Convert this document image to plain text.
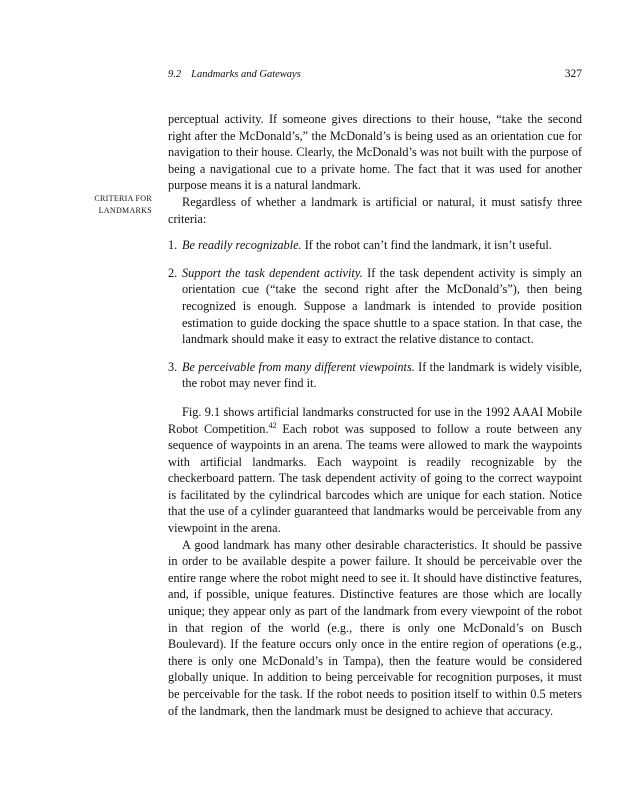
9.2 Landmarks and Gateways	327
CRITERIA FOR
LANDMARKS

perceptual activity. If someone gives directions to their house, “take the second right after the McDonald’s,” the McDonald’s is being used as an orientation cue for navigation to their house. Clearly, the McDonald’s was not built with the purpose of being a navigational cue to a private home. The fact that it was used for another purpose means it is a natural landmark.

Regardless of whether a landmark is artificial or natural, it must satisfy three criteria:

1. Be readily recognizable. If the robot can’t find the landmark, it isn’t useful.
2. Support the task dependent activity. If the task dependent activity is simply an orientation cue (“take the second right after the McDonald’s”), then being recognized is enough. Suppose a landmark is intended to provide position estimation to guide docking the space shuttle to a space station. In that case, the landmark should make it easy to extract the relative distance to contact.
3. Be perceivable from many different viewpoints. If the landmark is widely visible, the robot may never find it.

Fig. 9.1 shows artificial landmarks constructed for use in the 1992 AAAI Mobile Robot Competition.$^{42}$ Each robot was supposed to follow a route between any sequence of waypoints in an arena. The teams were allowed to mark the waypoints with artificial landmarks. Each waypoint is readily recognizable by the checkerboard pattern. The task dependent activity of going to the correct waypoint is facilitated by the cylindrical barcodes which are unique for each station. Notice that the use of a cylinder guaranteed that landmarks would be perceivable from any viewpoint in the arena.

A good landmark has many other desirable characteristics. It should be passive in order to be available despite a power failure. It should be perceivable over the entire range where the robot might need to see it. It should have distinctive features, and, if possible, unique features. Distinctive features are those which are locally unique; they appear only as part of the landmark from every viewpoint of the robot in that region of the world (e.g., there is only one McDonald’s on Busch Boulevard). If the feature occurs only once in the entire region of operations (e.g., there is only one McDonald’s in Tampa), then the feature would be considered globally unique. In addition to being perceivable for recognition purposes, it must be perceivable for the task. If the robot needs to position itself to within 0.5 meters of the landmark, then the landmark must be designed to achieve that accuracy.
